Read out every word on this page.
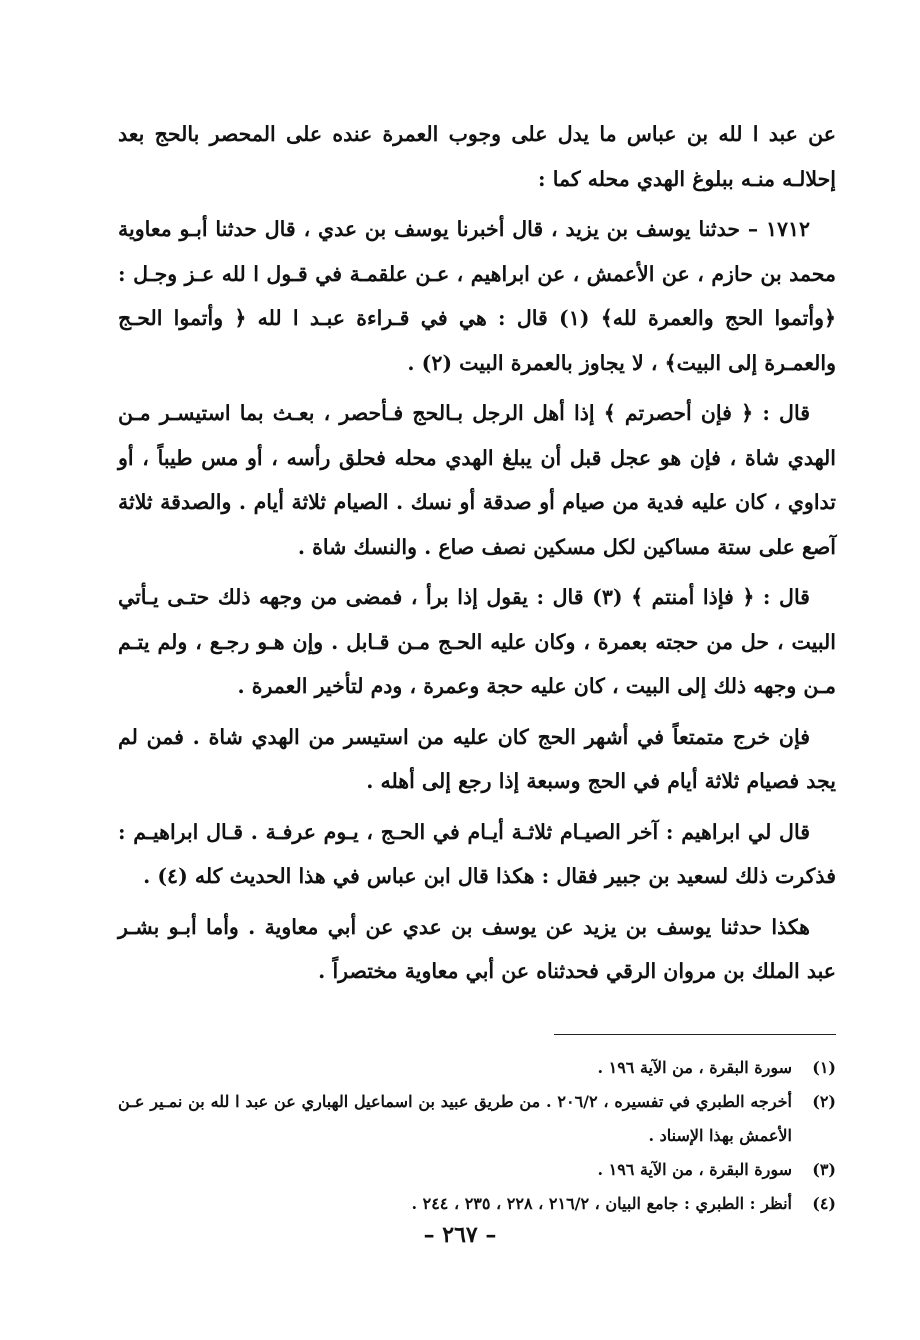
عن عبد ا لله بن عباس ما يدل على وجوب العمرة عنده على المحصر بالحج بعد إحلالـه منـه ببلوغ الهدي محله كما :

١٧١٢ – حدثنا يوسف بن يزيد ، قال أخبرنا يوسف بن عدي ، قال حدثنا أبـو معاوية محمد بن حازم ، عن الأعمش ، عن ابراهيم ، عـن علقمـة في قـول ا لله عـز وجـل : ﴿وأتموا الحج والعمرة لله﴾ (١) قال : هي في قـراءة عبـد ا لله ﴿ وأتموا الحـج والعمـرة إلى البيت﴾ ، لا يجاوز بالعمرة البيت (٢) .

قال : ﴿ فإن أحصرتم ﴾ إذا أهل الرجل بـالحج فـأحصر ، بعـث بما استيسـر مـن الهدي شاة ، فإن هو عجل قبل أن يبلغ الهدي محله فحلق رأسه ، أو مس طيباً ، أو تداوي ، كان عليه فدية من صيام أو صدقة أو نسك . الصيام ثلاثة أيام . والصدقة ثلاثة آصع على ستة مساكين لكل مسكين نصف صاع . والنسك شاة .

قال : ﴿ فإذا أمنتم ﴾ (٣) قال : يقول إذا برأ ، فمضى من وجهه ذلك حتـى يـأتي البيت ، حل من حجته بعمرة ، وكان عليه الحـج مـن قـابل . وإن هـو رجـع ، ولم يتـم مـن وجهه ذلك إلى البيت ، كان عليه حجة وعمرة ، ودم لتأخير العمرة .

فإن خرج متمتعاً في أشهر الحج كان عليه من استيسر من الهدي شاة . فمن لم يجد فصيام ثلاثة أيام في الحج وسبعة إذا رجع إلى أهله .

قال لي ابراهيم : آخر الصيـام ثلاثـة أيـام في الحـج ، يـوم عرفـة . قـال ابراهيـم : فذكرت ذلك لسعيد بن جبير فقال : هكذا قال ابن عباس في هذا الحديث كله (٤) .

هكذا حدثنا يوسف بن يزيد عن يوسف بن عدي عن أبي معاوية . وأما أبـو بشـر عبد الملك بن مروان الرقي فحدثناه عن أبي معاوية مختصراً .

(١)
سورة البقرة ، من الآية ١٩٦ .
(٢)
أخرجه الطبري في تفسيره ، ٢٠٦/٢ . من طريق عبيد بن اسماعيل الهباري عن عبد ا لله بن نمـير عـن الأعمش بهذا الإسناد .
(٣)
سورة البقرة ، من الآية ١٩٦ .
(٤)
أنظر : الطبري : جامع البيان ، ٢١٦/٢ ، ٢٢٨ ، ٢٣٥ ، ٢٤٤ .
– ٢٦٧ –
